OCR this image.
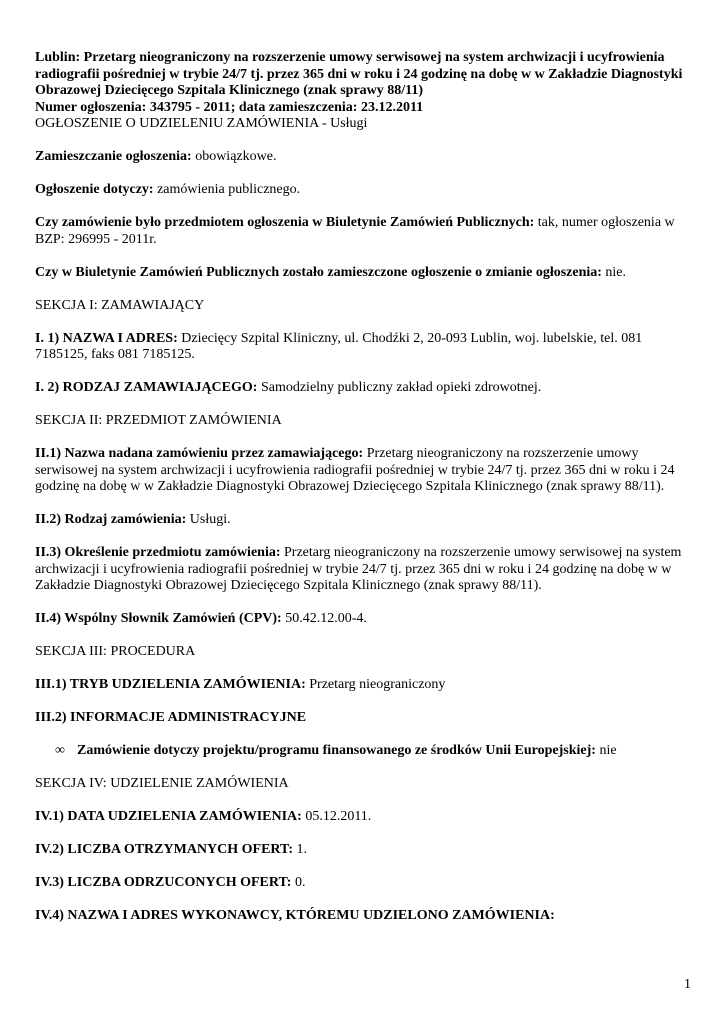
Lublin: Przetarg nieograniczony na rozszerzenie umowy serwisowej na system archwizacji i ucyfrowienia radiografii pośredniej w trybie 24/7 tj. przez 365 dni w roku i 24 godzinę na dobę w w Zakładzie Diagnostyki Obrazowej Dziecięcego Szpitala Klinicznego (znak sprawy 88/11)
Numer ogłoszenia: 343795 - 2011; data zamieszczenia: 23.12.2011
OGŁOSZENIE O UDZIELENIU ZAMÓWIENIA - Usługi

Zamieszczanie ogłoszenia: obowiązkowe.

Ogłoszenie dotyczy: zamówienia publicznego.

Czy zamówienie było przedmiotem ogłoszenia w Biuletynie Zamówień Publicznych: tak, numer ogłoszenia w BZP: 296995 - 2011r.

Czy w Biuletynie Zamówień Publicznych zostało zamieszczone ogłoszenie o zmianie ogłoszenia: nie.

SEKCJA I: ZAMAWIAJĄCY

I. 1) NAZWA I ADRES: Dziecięcy Szpital Kliniczny, ul. Chodźki 2, 20-093 Lublin, woj. lubelskie, tel. 081 7185125, faks 081 7185125.

I. 2) RODZAJ ZAMAWIAJĄCEGO: Samodzielny publiczny zakład opieki zdrowotnej.

SEKCJA II: PRZEDMIOT ZAMÓWIENIA

II.1) Nazwa nadana zamówieniu przez zamawiającego: Przetarg nieograniczony na rozszerzenie umowy serwisowej na system archwizacji i ucyfrowienia radiografii pośredniej w trybie 24/7 tj. przez 365 dni w roku i 24 godzinę na dobę w w Zakładzie Diagnostyki Obrazowej Dziecięcego Szpitala Klinicznego (znak sprawy 88/11).

II.2) Rodzaj zamówienia: Usługi.

II.3) Określenie przedmiotu zamówienia: Przetarg nieograniczony na rozszerzenie umowy serwisowej na system archwizacji i ucyfrowienia radiografii pośredniej w trybie 24/7 tj. przez 365 dni w roku i 24 godzinę na dobę w w Zakładzie Diagnostyki Obrazowej Dziecięcego Szpitala Klinicznego (znak sprawy 88/11).

II.4) Wspólny Słownik Zamówień (CPV): 50.42.12.00-4.

SEKCJA III: PROCEDURA

III.1) TRYB UDZIELENIA ZAMÓWIENIA: Przetarg nieograniczony

III.2) INFORMACJE ADMINISTRACYJNE

∞ Zamówienie dotyczy projektu/programu finansowanego ze środków Unii Europejskiej: nie

SEKCJA IV: UDZIELENIE ZAMÓWIENIA

IV.1) DATA UDZIELENIA ZAMÓWIENIA: 05.12.2011.

IV.2) LICZBA OTRZYMANYCH OFERT: 1.

IV.3) LICZBA ODRZUCONYCH OFERT: 0.

IV.4) NAZWA I ADRES WYKONAWCY, KTÓREMU UDZIELONO ZAMÓWIENIA:

1
